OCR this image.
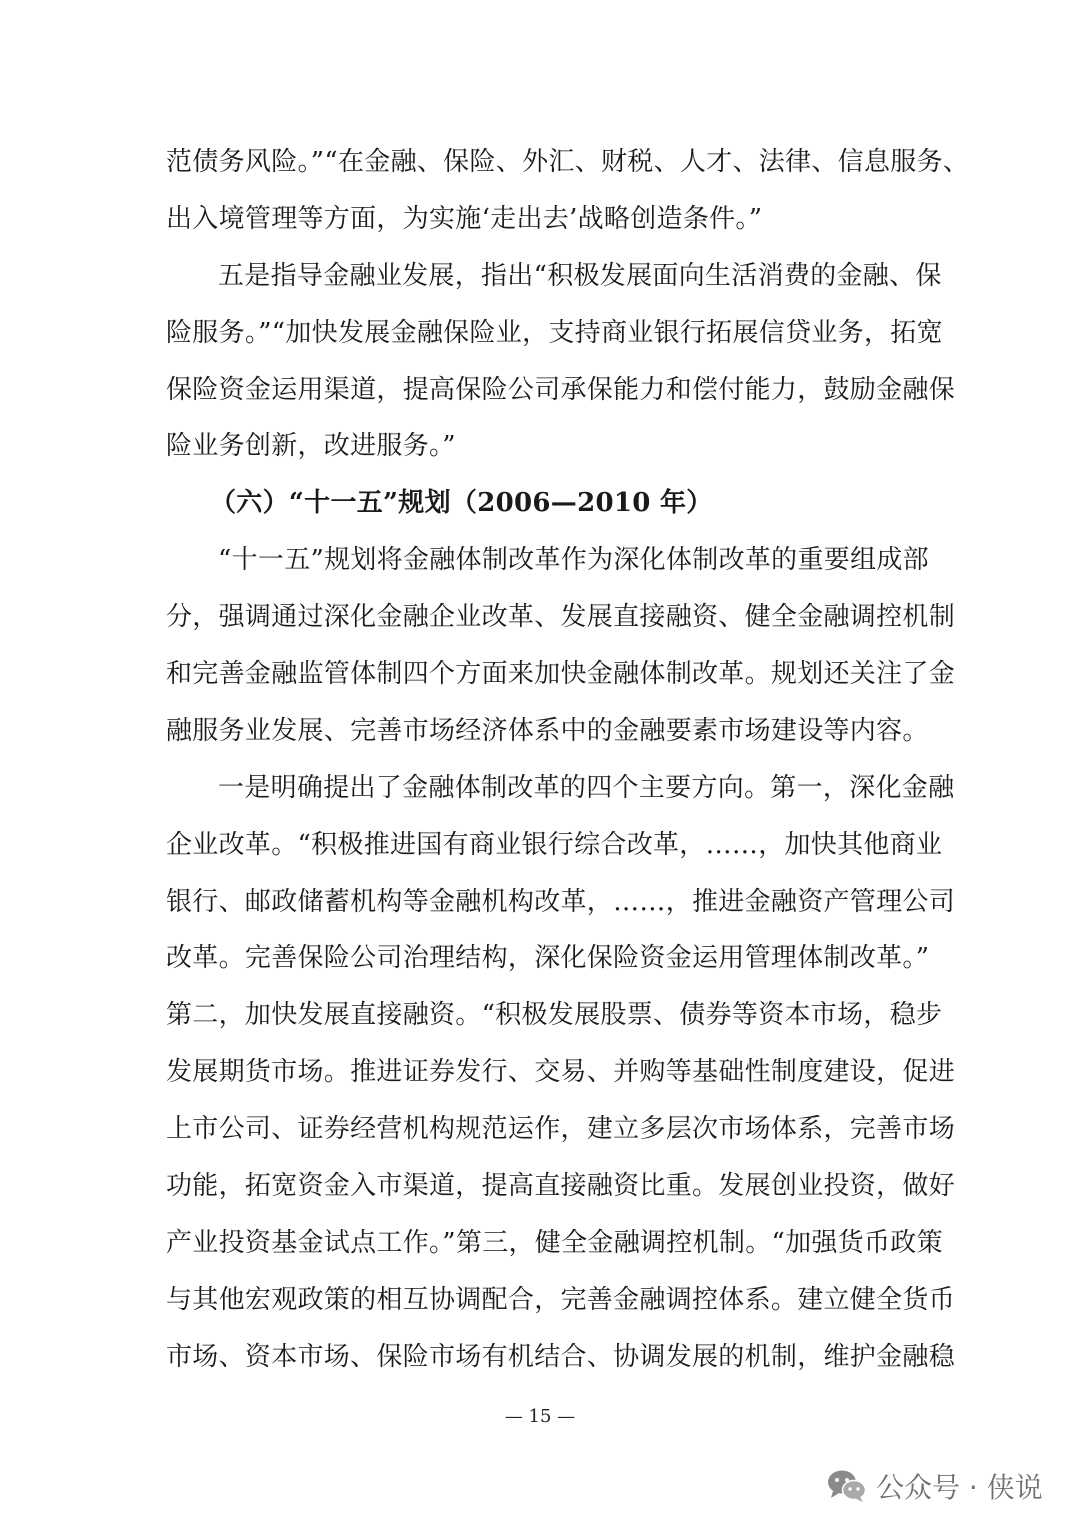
范债务风险。”“在金融、保险、外汇、财税、人才、法律、信息服务、
出入境管理等方面，为实施‘走出去’战略创造条件。”
五是指导金融业发展，指出“积极发展面向生活消费的金融、保
险服务。”“加快发展金融保险业，支持商业银行拓展信贷业务，拓宽
保险资金运用渠道，提高保险公司承保能力和偿付能力，鼓励金融保
险业务创新，改进服务。”
（六）“十一五”规划（2006—2010 年）
“十一五”规划将金融体制改革作为深化体制改革的重要组成部
分，强调通过深化金融企业改革、发展直接融资、健全金融调控机制
和完善金融监管体制四个方面来加快金融体制改革。规划还关注了金
融服务业发展、完善市场经济体系中的金融要素市场建设等内容。
一是明确提出了金融体制改革的四个主要方向。第一，深化金融
企业改革。“积极推进国有商业银行综合改革，……，加快其他商业
银行、邮政储蓄机构等金融机构改革，……，推进金融资产管理公司
改革。完善保险公司治理结构，深化保险资金运用管理体制改革。”
第二，加快发展直接融资。“积极发展股票、债券等资本市场，稳步
发展期货市场。推进证券发行、交易、并购等基础性制度建设，促进
上市公司、证券经营机构规范运作，建立多层次市场体系，完善市场
功能，拓宽资金入市渠道，提高直接融资比重。发展创业投资，做好
产业投资基金试点工作。”第三，健全金融调控机制。“加强货币政策
与其他宏观政策的相互协调配合，完善金融调控体系。建立健全货币
市场、资本市场、保险市场有机结合、协调发展的机制，维护金融稳
— 15 —
公众号 · 侠说
